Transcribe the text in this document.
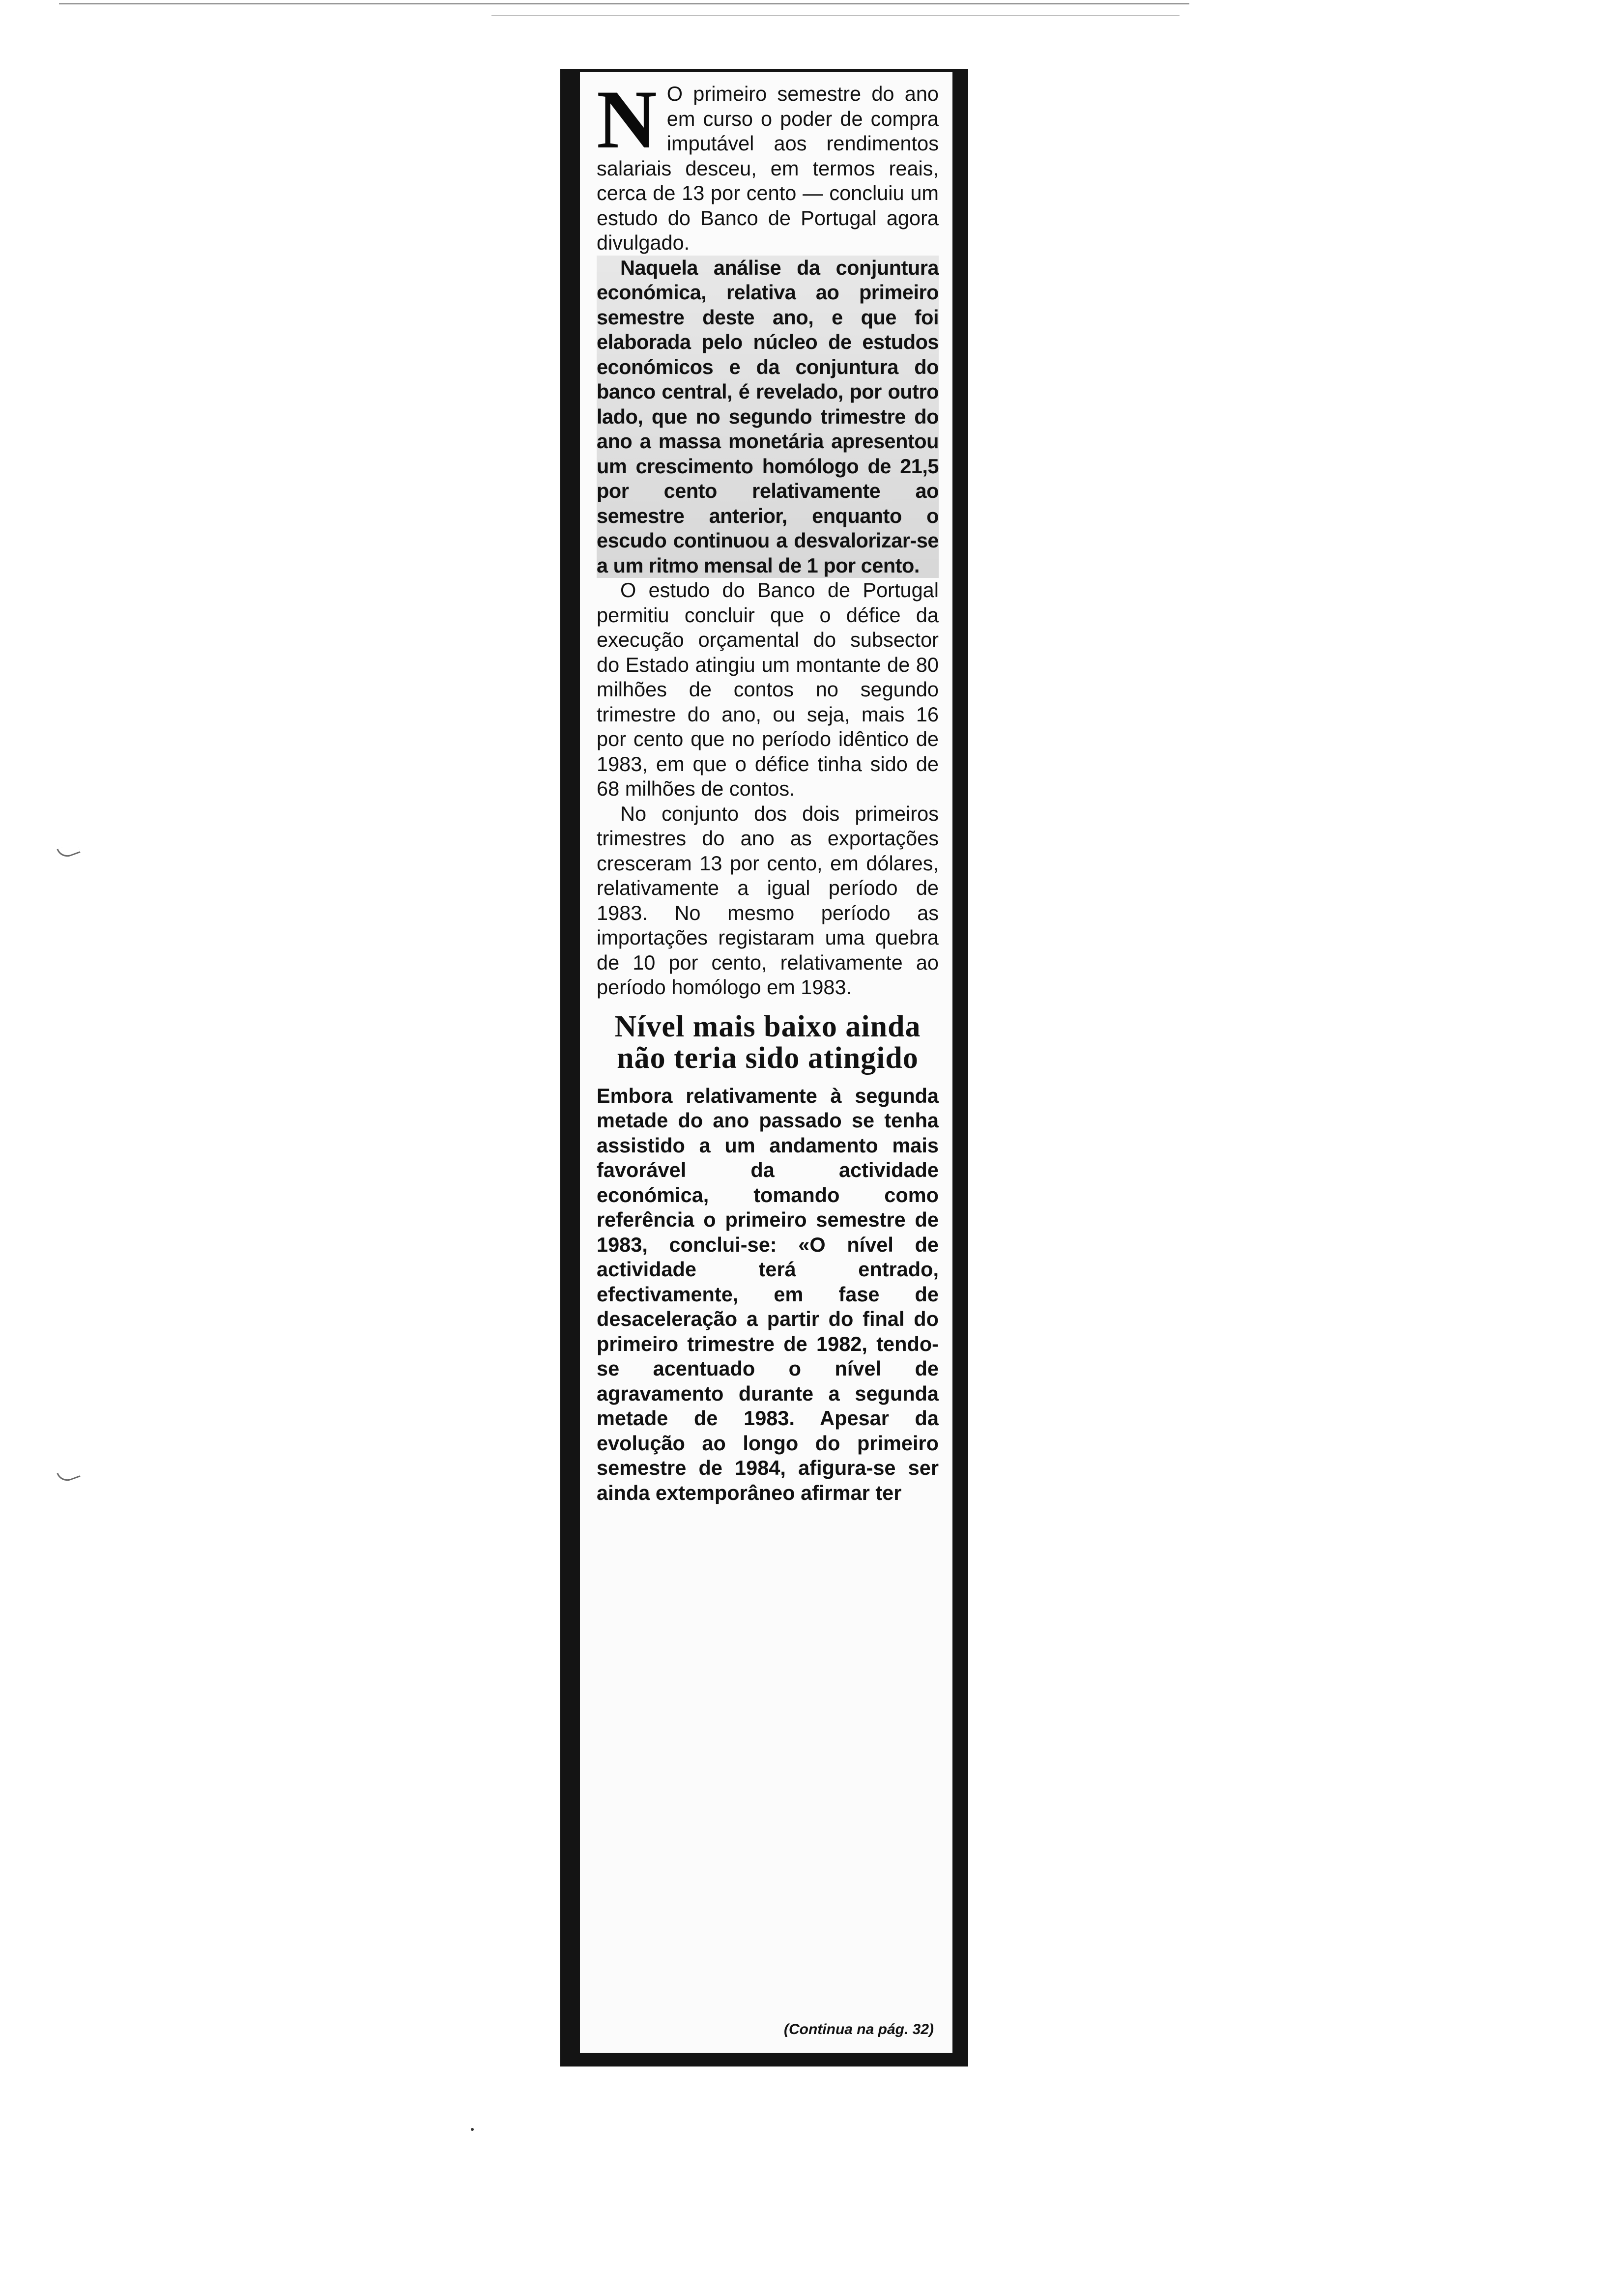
N O primeiro semestre do ano em curso o poder de compra imputável aos rendimentos salariais desceu, em termos reais, cerca de 13 por cento — concluiu um estudo do Banco de Portugal agora divulgado.

Naquela análise da conjuntura económica, relativa ao primeiro semestre deste ano, e que foi elaborada pelo núcleo de estudos económicos e da conjuntura do banco central, é revelado, por outro lado, que no segundo trimestre do ano a massa monetária apresentou um crescimento homólogo de 21,5 por cento relativamente ao semestre anterior, enquanto o escudo continuou a desvalorizar-se a um ritmo mensal de 1 por cento.

O estudo do Banco de Portugal permitiu concluir que o défice da execução orçamental do subsector do Estado atingiu um montante de 80 milhões de contos no segundo trimestre do ano, ou seja, mais 16 por cento que no período idêntico de 1983, em que o défice tinha sido de 68 milhões de contos.

No conjunto dos dois primeiros trimestres do ano as exportações cresceram 13 por cento, em dólares, relativamente a igual período de 1983. No mesmo período as importações registaram uma quebra de 10 por cento, relativamente ao período homólogo em 1983.

Nível mais baixo ainda não teria sido atingido

Embora relativamente à segunda metade do ano passado se tenha assistido a um andamento mais favorável da actividade económica, tomando como referência o primeiro semestre de 1983, conclui-se: «O nível de actividade terá entrado, efectivamente, em fase de desaceleração a partir do final do primeiro trimestre de 1982, tendo-se acentuado o nível de agravamento durante a segunda metade de 1983. Apesar da evolução ao longo do primeiro semestre de 1984, afigura-se ser ainda extemporâneo afirmar ter

(Continua na pág. 32)
